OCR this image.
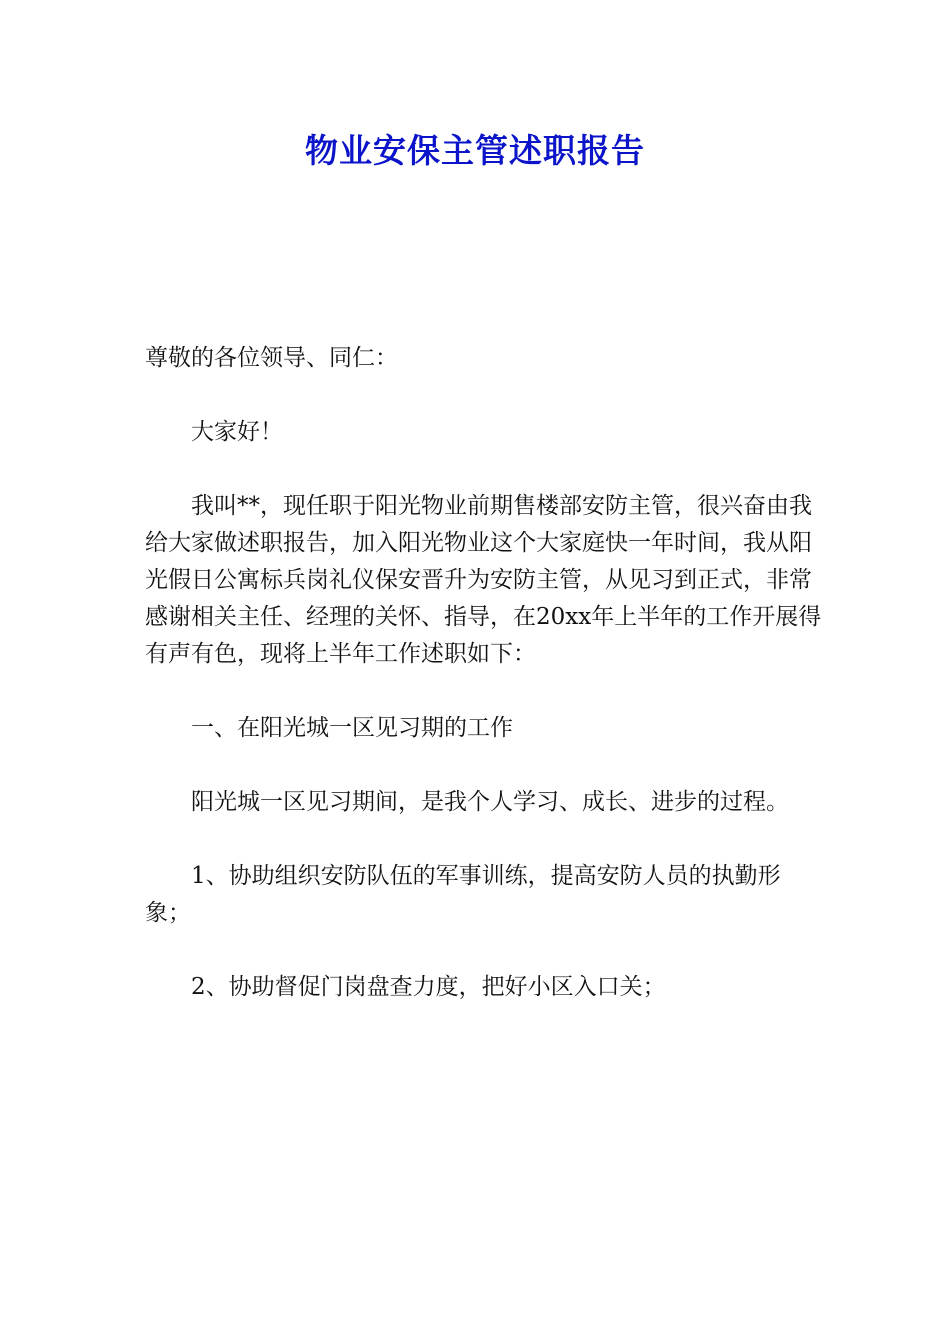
物业安保主管述职报告

尊敬的各位领导、同仁：

大家好！

我叫**，现任职于阳光物业前期售楼部安防主管，很兴奋由我给大家做述职报告，加入阳光物业这个大家庭快一年时间，我从阳光假日公寓标兵岗礼仪保安晋升为安防主管，从见习到正式，非常感谢相关主任、经理的关怀、指导，在20xx年上半年的工作开展得有声有色，现将上半年工作述职如下：

一、在阳光城一区见习期的工作

阳光城一区见习期间，是我个人学习、成长、进步的过程。

1、协助组织安防队伍的军事训练，提高安防人员的执勤形象；

2、协助督促门岗盘查力度，把好小区入口关；
